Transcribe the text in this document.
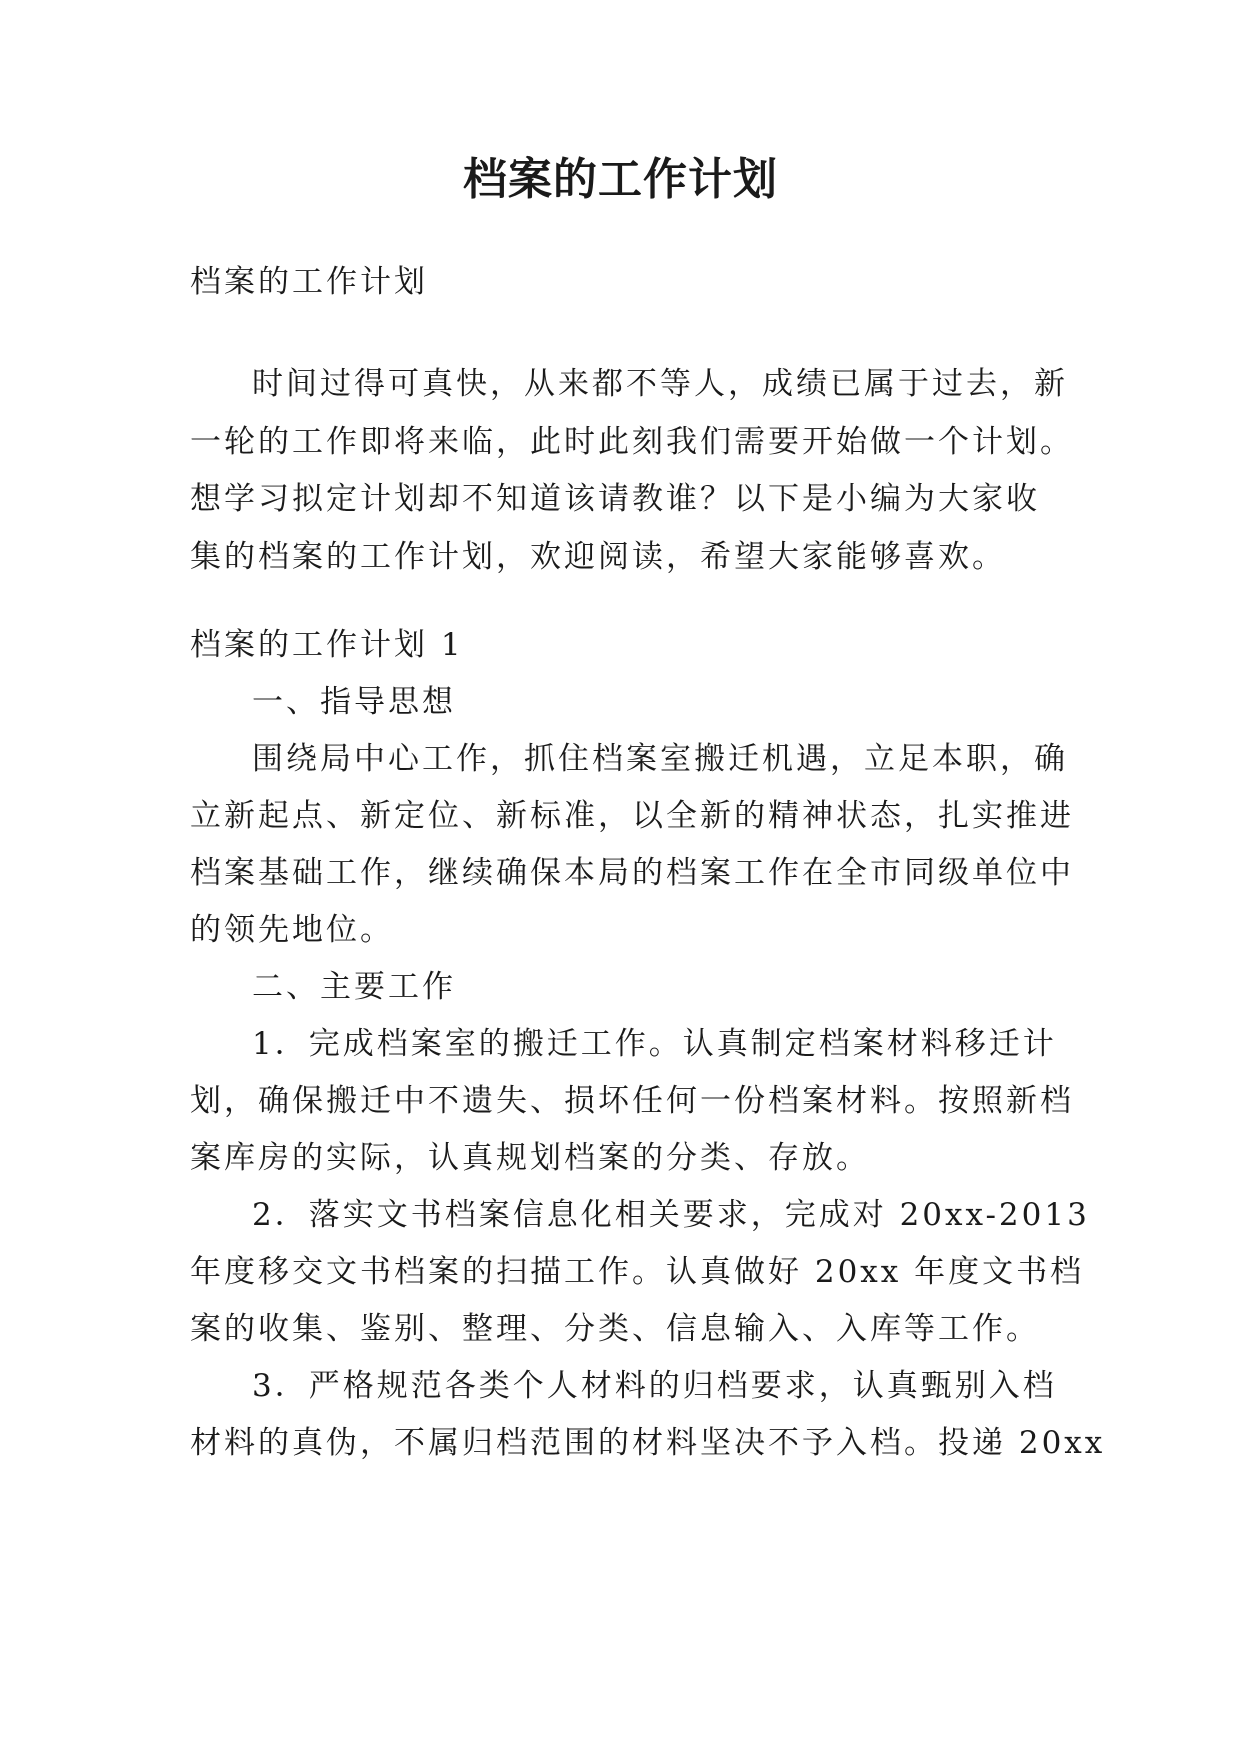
档案的工作计划
档案的工作计划
时间过得可真快，从来都不等人，成绩已属于过去，新
一轮的工作即将来临，此时此刻我们需要开始做一个计划。
想学习拟定计划却不知道该请教谁？以下是小编为大家收
集的档案的工作计划，欢迎阅读，希望大家能够喜欢。
档案的工作计划 1
一、指导思想
围绕局中心工作，抓住档案室搬迁机遇，立足本职，确
立新起点、新定位、新标准，以全新的精神状态，扎实推进
档案基础工作，继续确保本局的档案工作在全市同级单位中
的领先地位。
二、主要工作
1．完成档案室的搬迁工作。认真制定档案材料移迁计
划，确保搬迁中不遗失、损坏任何一份档案材料。按照新档
案库房的实际，认真规划档案的分类、存放。
2．落实文书档案信息化相关要求，完成对 20xx-2013
年度移交文书档案的扫描工作。认真做好 20xx 年度文书档
案的收集、鉴别、整理、分类、信息输入、入库等工作。
3．严格规范各类个人材料的归档要求，认真甄别入档
材料的真伪，不属归档范围的材料坚决不予入档。投递 20xx
